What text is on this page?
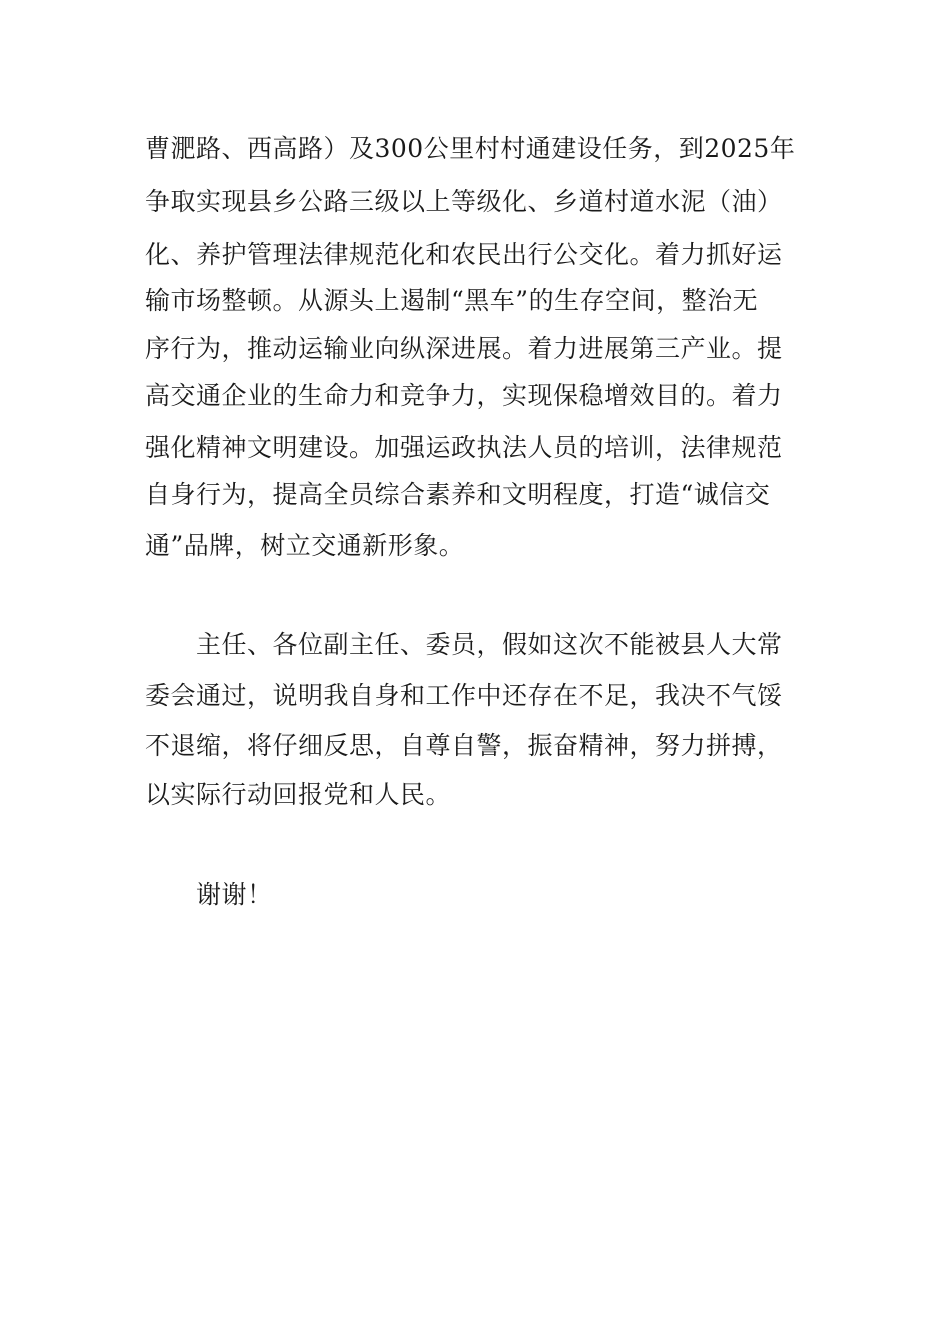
曹淝路、西高路）及300公里村村通建设任务，到2025年
争取实现县乡公路三级以上等级化、乡道村道水泥（油）
化、养护管理法律规范化和农民出行公交化。着力抓好运
输市场整顿。从源头上遏制“黑车”的生存空间，整治无
序行为，推动运输业向纵深进展。着力进展第三产业。提
高交通企业的生命力和竞争力，实现保稳增效目的。着力
强化精神文明建设。加强运政执法人员的培训，法律规范
自身行为，提高全员综合素养和文明程度，打造“诚信交
通”品牌，树立交通新形象。
主任、各位副主任、委员，假如这次不能被县人大常
委会通过，说明我自身和工作中还存在不足，我决不气馁
不退缩，将仔细反思，自尊自警，振奋精神，努力拼搏，
以实际行动回报党和人民。
谢谢！
